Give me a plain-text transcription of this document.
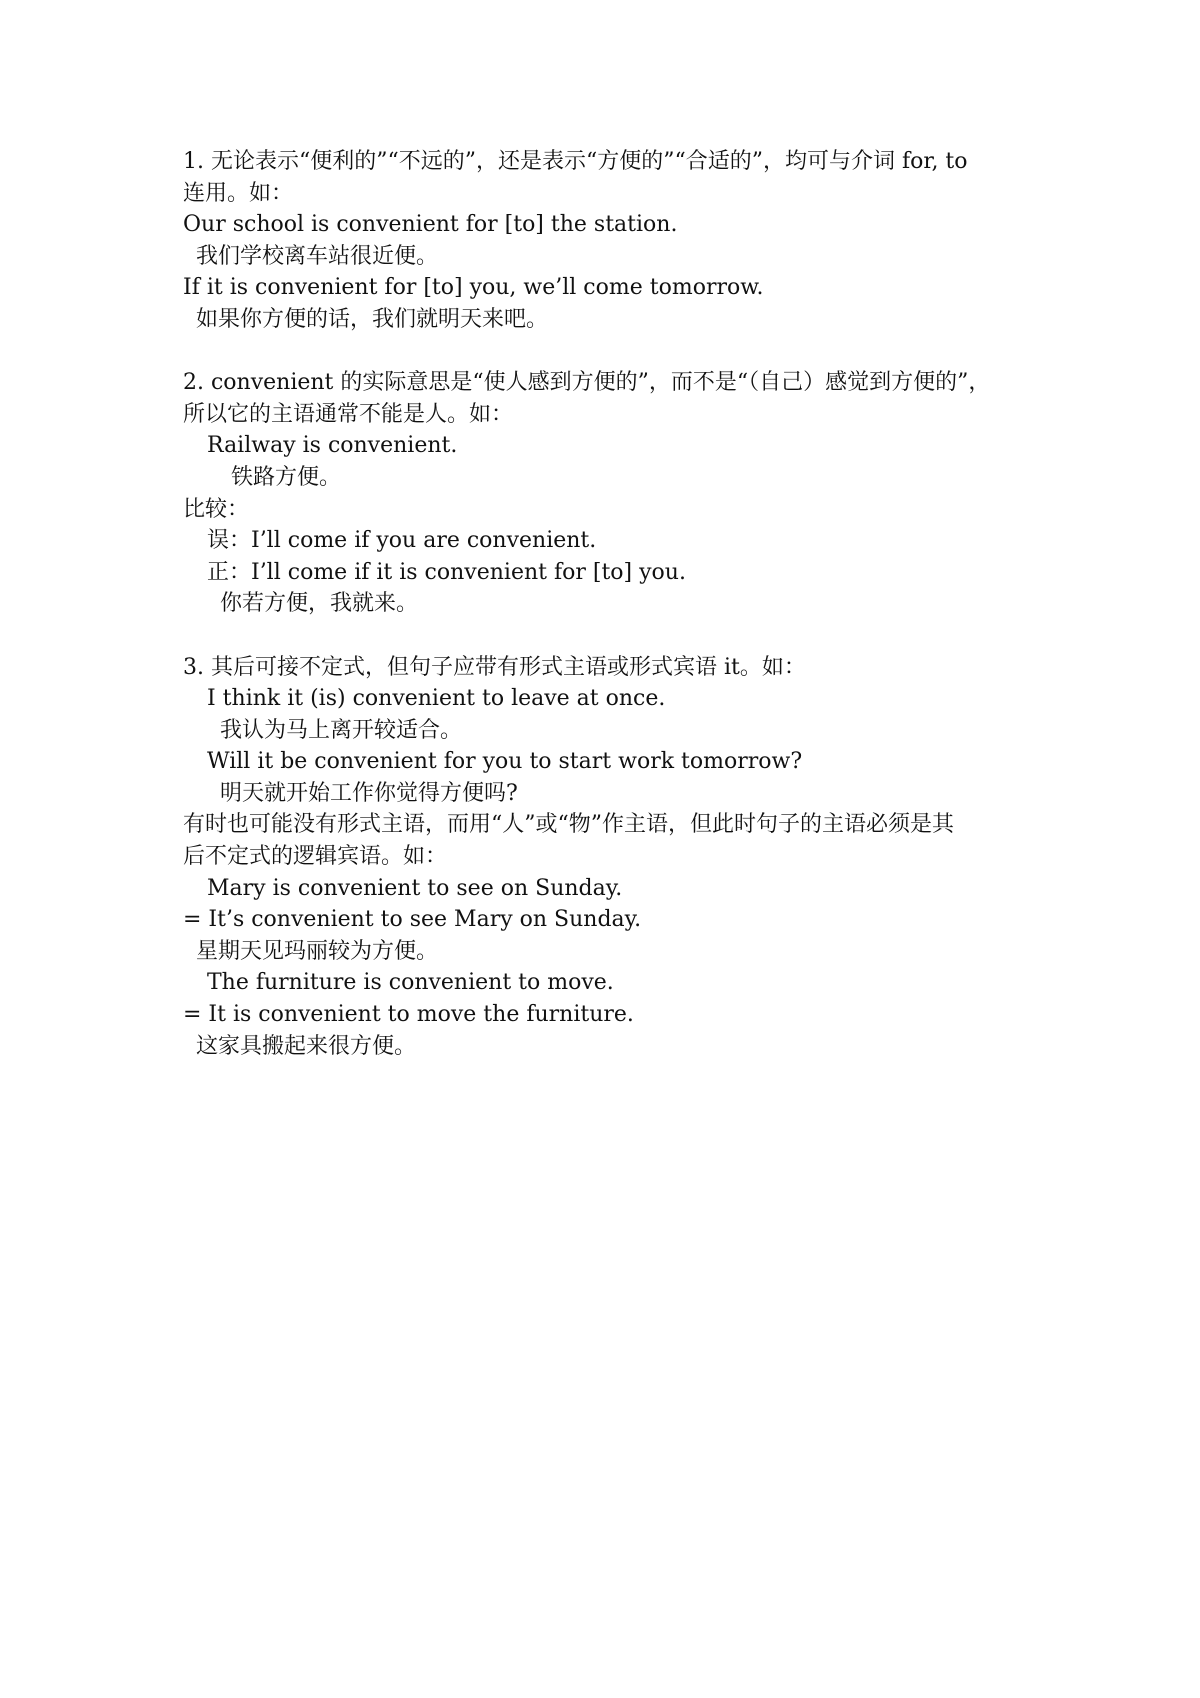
1. 无论表示“便利的”“不远的”，还是表示“方便的”“合适的”，均可与介词 for, to
连用。如：
Our school is convenient for [to] the station.
我们学校离车站很近便。
If it is convenient for [to] you, we’ll come tomorrow.
如果你方便的话，我们就明天来吧。
2. convenient 的实际意思是“使人感到方便的”，而不是“（自己）感觉到方便的”，
所以它的主语通常不能是人。如：
Railway is convenient.
铁路方便。
比较：
误：I’ll come if you are convenient.
正：I’ll come if it is convenient for [to] you.
你若方便，我就来。
3. 其后可接不定式，但句子应带有形式主语或形式宾语 it。如：
I think it (is) convenient to leave at once.
我认为马上离开较适合。
Will it be convenient for you to start work tomorrow?
明天就开始工作你觉得方便吗?
有时也可能没有形式主语，而用“人”或“物”作主语，但此时句子的主语必须是其
后不定式的逻辑宾语。如：
Mary is convenient to see on Sunday.
= It’s convenient to see Mary on Sunday.
星期天见玛丽较为方便。
The furniture is convenient to move.
= It is convenient to move the furniture.
这家具搬起来很方便。
